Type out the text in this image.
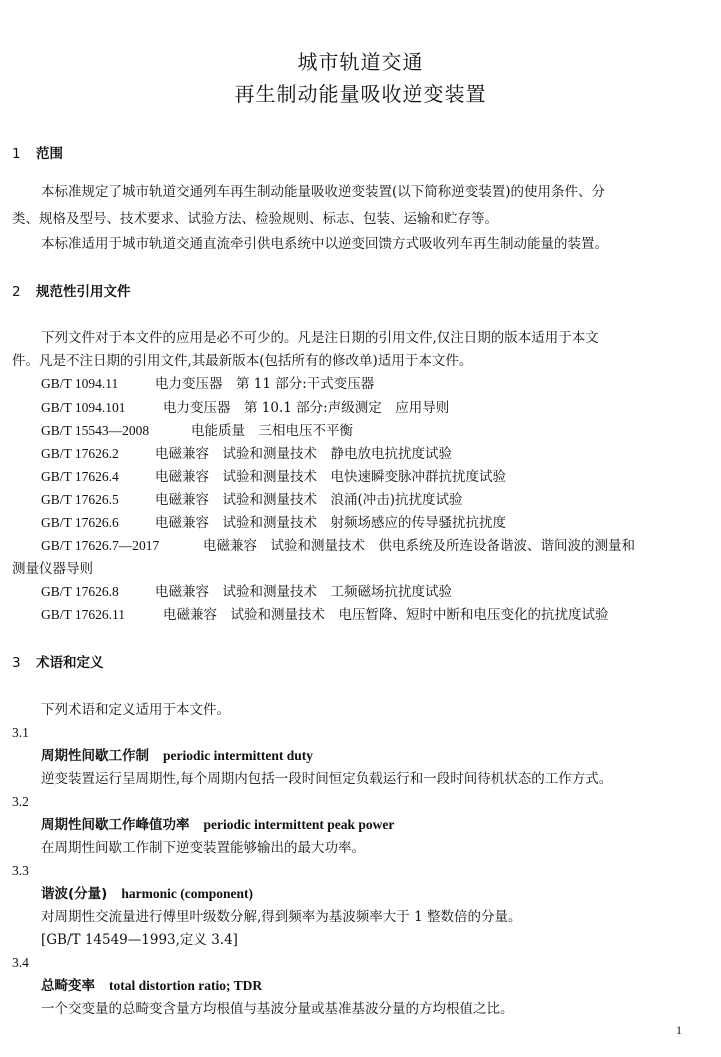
城市轨道交通
再生制动能量吸收逆变装置
1 范围
本标准规定了城市轨道交通列车再生制动能量吸收逆变装置(以下简称逆变装置)的使用条件、分
类、规格及型号、技术要求、试验方法、检验规则、标志、包装、运输和贮存等。
本标准适用于城市轨道交通直流牵引供电系统中以逆变回馈方式吸收列车再生制动能量的装置。
2 规范性引用文件
下列文件对于本文件的应用是必不可少的。凡是注日期的引用文件,仅注日期的版本适用于本文
件。凡是不注日期的引用文件,其最新版本(包括所有的修改单)适用于本文件。
GB/T 1094.11	电力变压器　第 11 部分:干式变压器
GB/T 1094.101	电力变压器　第 10.1 部分:声级测定　应用导则
GB/T 15543—2008	电能质量　三相电压不平衡
GB/T 17626.2	电磁兼容　试验和测量技术　静电放电抗扰度试验
GB/T 17626.4	电磁兼容　试验和测量技术　电快速瞬变脉冲群抗扰度试验
GB/T 17626.5	电磁兼容　试验和测量技术　浪涌(冲击)抗扰度试验
GB/T 17626.6	电磁兼容　试验和测量技术　射频场感应的传导骚扰抗扰度
GB/T 17626.7—2017	电磁兼容　试验和测量技术　供电系统及所连设备谐波、谐间波的测量和
测量仪器导则
GB/T 17626.8	电磁兼容　试验和测量技术　工频磁场抗扰度试验
GB/T 17626.11	电磁兼容　试验和测量技术　电压暂降、短时中断和电压变化的抗扰度试验
3 术语和定义
下列术语和定义适用于本文件。
3.1
周期性间歇工作制 periodic intermittent duty
逆变装置运行呈周期性,每个周期内包括一段时间恒定负载运行和一段时间待机状态的工作方式。
3.2
周期性间歇工作峰值功率 periodic intermittent peak power
在周期性间歇工作制下逆变装置能够输出的最大功率。
3.3
谐波(分量) harmonic (component)
对周期性交流量进行傅里叶级数分解,得到频率为基波频率大于 1 整数倍的分量。
[GB/T 14549—1993,定义 3.4]
3.4
总畸变率 total distortion ratio; TDR
一个交变量的总畸变含量方均根值与基波分量或基准基波分量的方均根值之比。
1
